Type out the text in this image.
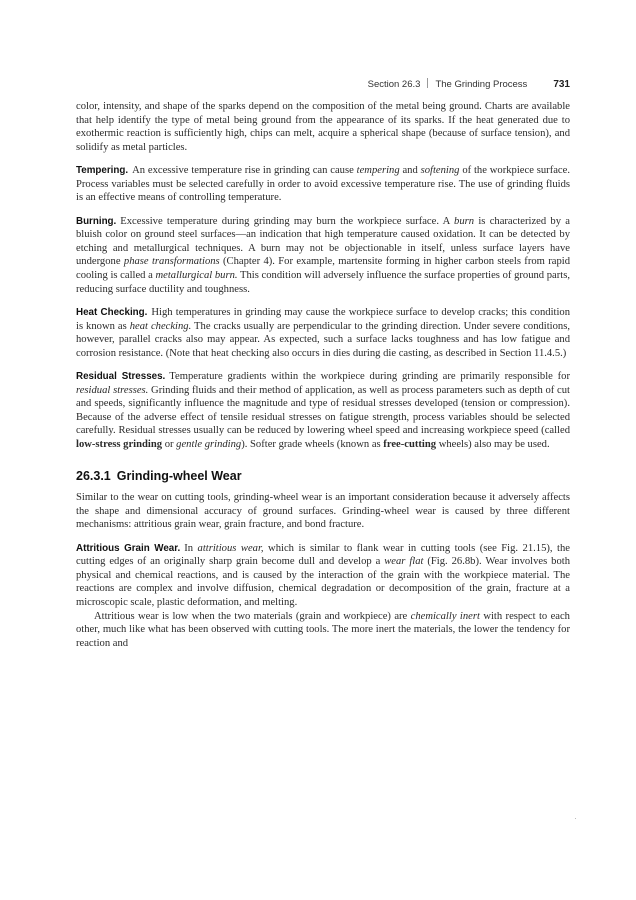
Section 26.3 The Grinding Process	731

color, intensity, and shape of the sparks depend on the composition of the metal being ground. Charts are available that help identify the type of metal being ground from the appearance of its sparks. If the heat generated due to exothermic reaction is sufficiently high, chips can melt, acquire a spherical shape (because of surface tension), and solidify as metal particles.

Tempering. An excessive temperature rise in grinding can cause tempering and softening of the workpiece surface. Process variables must be selected carefully in order to avoid excessive temperature rise. The use of grinding fluids is an effective means of controlling temperature.

Burning. Excessive temperature during grinding may burn the workpiece surface. A burn is characterized by a bluish color on ground steel surfaces—an indication that high temperature caused oxidation. It can be detected by etching and metallurgical techniques. A burn may not be objectionable in itself, unless surface layers have undergone phase transformations (Chapter 4). For example, martensite forming in higher carbon steels from rapid cooling is called a metallurgical burn. This condition will adversely influence the surface properties of ground parts, reducing surface ductility and toughness.

Heat Checking. High temperatures in grinding may cause the workpiece surface to develop cracks; this condition is known as heat checking. The cracks usually are perpendicular to the grinding direction. Under severe conditions, however, parallel cracks also may appear. As expected, such a surface lacks toughness and has low fatigue and corrosion resistance. (Note that heat checking also occurs in dies during die casting, as described in Section 11.4.5.)

Residual Stresses. Temperature gradients within the workpiece during grinding are primarily responsible for residual stresses. Grinding fluids and their method of application, as well as process parameters such as depth of cut and speeds, significantly influence the magnitude and type of residual stresses developed (tension or compression). Because of the adverse effect of tensile residual stresses on fatigue strength, process variables should be selected carefully. Residual stresses usually can be reduced by lowering wheel speed and increasing workpiece speed (called low-stress grinding or gentle grinding). Softer grade wheels (known as free-cutting wheels) also may be used.

26.3.1 Grinding-wheel Wear

Similar to the wear on cutting tools, grinding-wheel wear is an important consideration because it adversely affects the shape and dimensional accuracy of ground surfaces. Grinding-wheel wear is caused by three different mechanisms: attritious grain wear, grain fracture, and bond fracture.

Attritious Grain Wear. In attritious wear, which is similar to flank wear in cutting tools (see Fig. 21.15), the cutting edges of an originally sharp grain become dull and develop a wear flat (Fig. 26.8b). Wear involves both physical and chemical reactions, and is caused by the interaction of the grain with the workpiece material. The reactions are complex and involve diffusion, chemical degradation or decomposition of the grain, fracture at a microscopic scale, plastic deformation, and melting.

Attritious wear is low when the two materials (grain and workpiece) are chemically inert with respect to each other, much like what has been observed with cutting tools. The more inert the materials, the lower the tendency for reaction and
